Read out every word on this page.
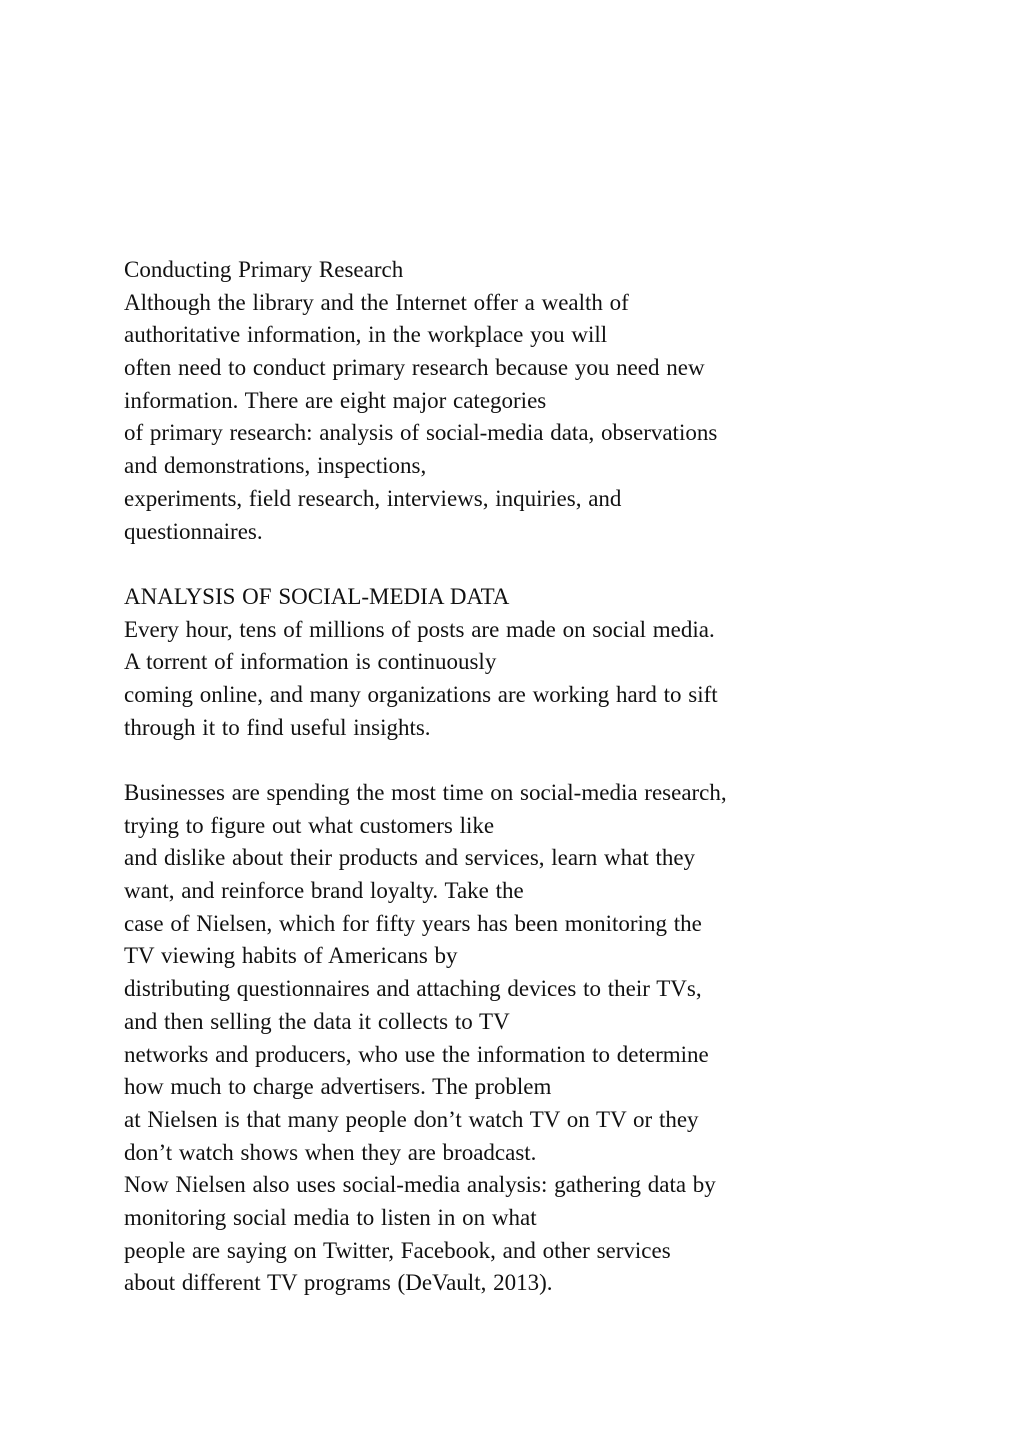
Conducting Primary Research
Although the library and the Internet offer a wealth of
authoritative information, in the workplace you will
often need to conduct primary research because you need new
information. There are eight major categories
of primary research: analysis of social-media data, observations
and demonstrations, inspections,
experiments, field research, interviews, inquiries, and
questionnaires.
ANALYSIS OF SOCIAL-MEDIA DATA
Every hour, tens of millions of posts are made on social media.
A torrent of information is continuously
coming online, and many organizations are working hard to sift
through it to find useful insights.
Businesses are spending the most time on social-media research,
trying to figure out what customers like
and dislike about their products and services, learn what they
want, and reinforce brand loyalty. Take the
case of Nielsen, which for fifty years has been monitoring the
TV viewing habits of Americans by
distributing questionnaires and attaching devices to their TVs,
and then selling the data it collects to TV
networks and producers, who use the information to determine
how much to charge advertisers. The problem
at Nielsen is that many people don’t watch TV on TV or they
don’t watch shows when they are broadcast.
Now Nielsen also uses social-media analysis: gathering data by
monitoring social media to listen in on what
people are saying on Twitter, Facebook, and other services
about different TV programs (DeVault, 2013).
